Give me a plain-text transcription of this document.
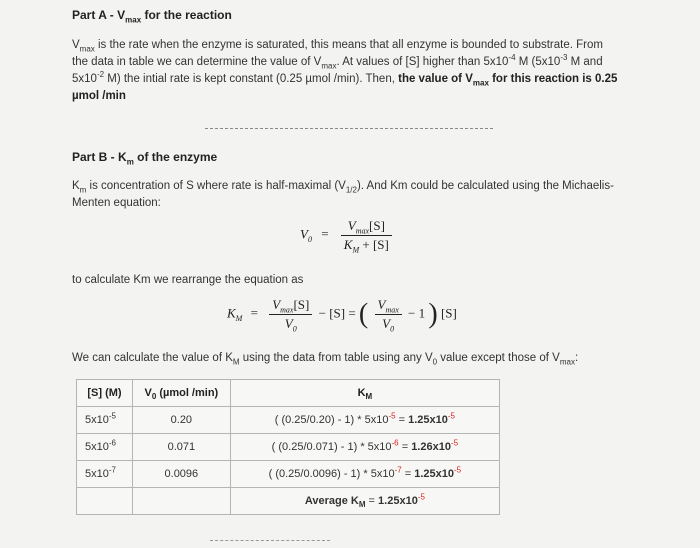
Part A - $V_{max}$ for the reaction

$V_{max}$ is the rate when the enzyme is saturated, this means that all enzyme is bounded to substrate. From

the data in table we can determine the value of $V_{max}$. At values of [S] higher than $5x10^{-4}$ M ($5x10^{-3}$ M and

$5x10^{-2}$ M) the intial rate is kept constant (0.25 µmol /min). Then, the value of $V_{max}$ for this reaction is 0.25

µmol /min

Part B - $K_m$ of the enzyme

$K_m$ is concentration of S where rate is half-maximal $(V_{1/2})$. And Km could be calculated using the Michaelis-

Menten equation:

$V_0 = \frac{V_{max}[S]}{K_M + [S]}$

to calculate Km we rearrange the equation as

$K_M = \frac{V_{max}[S]}{V_0} - [S]$ = ( $\frac{V_{max}}{V_0} - 1$ ) [S]

We can calculate the value of $K_M$ using the data from table using any $V_0$ value except those of $V_{max}$:

[S] (M)	$V_0$ (µmol /min)	$K_M$
$5x10^{-5}$	0.20	( $(0.25/0.20) - 1) * 5x10^{-5} = 1.25x10^{-5}$
$5x10^{-6}$	0.071	( $(0.25/0.071) - 1) * 5x10^{-6} = 1.26x10^{-5}$
$5x10^{-7}$	0.0096	( $(0.25/0.0096) - 1) * 5x10^{-7} = 1.25x10^{-5}$
		Average $K_M = 1.25x10^{-5}$
